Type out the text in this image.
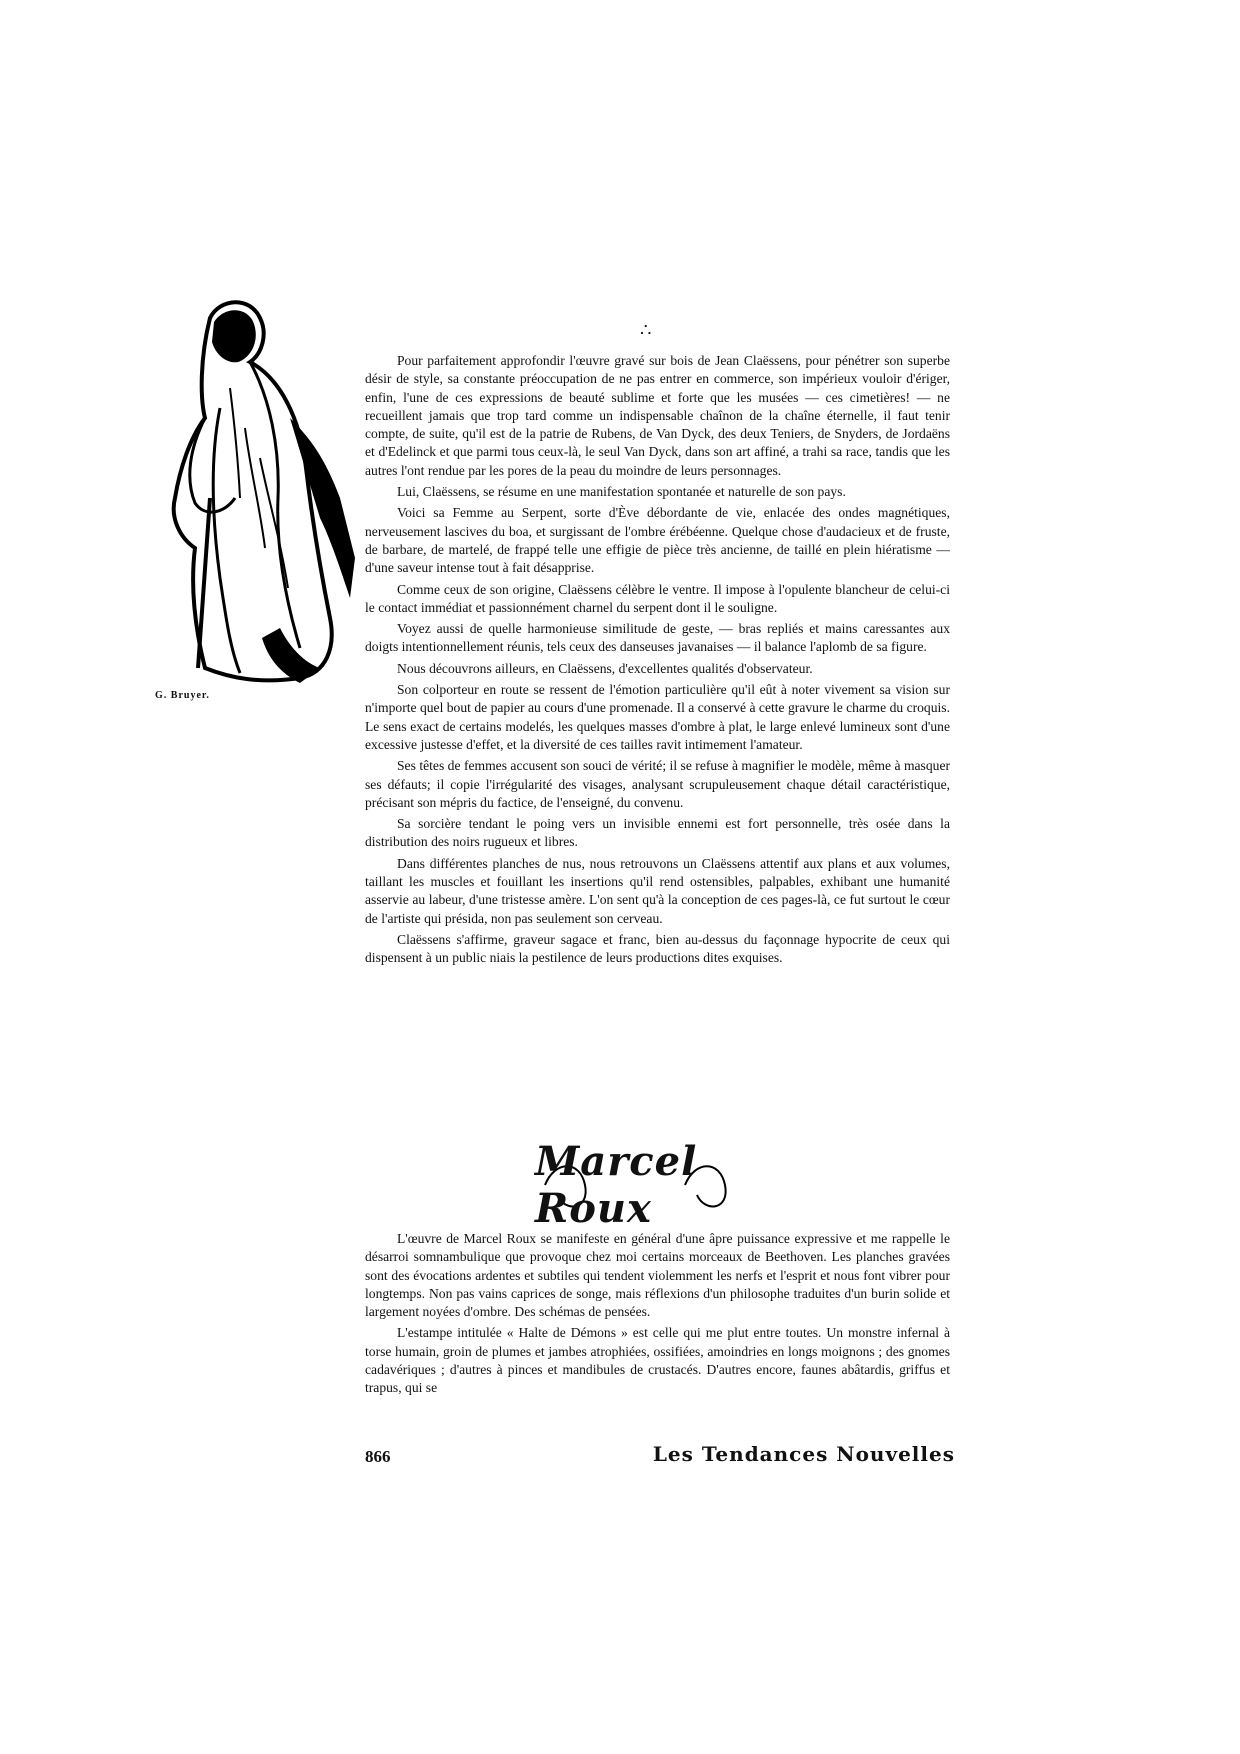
G. Bruyer.
∴

Pour parfaitement approfondir l'œuvre gravé sur bois de Jean Claëssens, pour pénétrer son superbe désir de style, sa constante préoccupation de ne pas entrer en commerce, son impérieux vouloir d'ériger, enfin, l'une de ces expressions de beauté sublime et forte que les musées — ces cimetières! — ne recueillent jamais que trop tard comme un indispensable chaînon de la chaîne éternelle, il faut tenir compte, de suite, qu'il est de la patrie de Rubens, de Van Dyck, des deux Teniers, de Snyders, de Jordaëns et d'Edelinck et que parmi tous ceux-là, le seul Van Dyck, dans son art affiné, a trahi sa race, tandis que les autres l'ont rendue par les pores de la peau du moindre de leurs personnages.

Lui, Claëssens, se résume en une manifestation spontanée et naturelle de son pays.

Voici sa Femme au Serpent, sorte d'Ève débordante de vie, enlacée des ondes magnétiques, nerveusement lascives du boa, et surgissant de l'ombre érébéenne. Quelque chose d'audacieux et de fruste, de barbare, de martelé, de frappé telle une effigie de pièce très ancienne, de taillé en plein hiératisme — d'une saveur intense tout à fait désapprise.

Comme ceux de son origine, Claëssens célèbre le ventre. Il impose à l'opulente blancheur de celui-ci le contact immédiat et passionnément charnel du serpent dont il le souligne.

Voyez aussi de quelle harmonieuse similitude de geste, — bras repliés et mains caressantes aux doigts intentionnellement réunis, tels ceux des danseuses javanaises — il balance l'aplomb de sa figure.

Nous découvrons ailleurs, en Claëssens, d'excellentes qualités d'observateur.

Son colporteur en route se ressent de l'émotion particulière qu'il eût à noter vivement sa vision sur n'importe quel bout de papier au cours d'une promenade. Il a conservé à cette gravure le charme du croquis. Le sens exact de certains modelés, les quelques masses d'ombre à plat, le large enlevé lumineux sont d'une excessive justesse d'effet, et la diversité de ces tailles ravit intimement l'amateur.

Ses têtes de femmes accusent son souci de vérité; il se refuse à magnifier le modèle, même à masquer ses défauts; il copie l'irrégularité des visages, analysant scrupuleusement chaque détail caractéristique, précisant son mépris du factice, de l'enseigné, du convenu.

Sa sorcière tendant le poing vers un invisible ennemi est fort personnelle, très osée dans la distribution des noirs rugueux et libres.

Dans différentes planches de nus, nous retrouvons un Claëssens attentif aux plans et aux volumes, taillant les muscles et fouillant les insertions qu'il rend ostensibles, palpables, exhibant une humanité asservie au labeur, d'une tristesse amère. L'on sent qu'à la conception de ces pages-là, ce fut surtout le cœur de l'artiste qui présida, non pas seulement son cerveau.

Claëssens s'affirme, graveur sagace et franc, bien au-dessus du façonnage hypocrite de ceux qui dispensent à un public niais la pestilence de leurs productions dites exquises.

Marcel Roux

L'œuvre de Marcel Roux se manifeste en général d'une âpre puissance expressive et me rappelle le désarroi somnambulique que provoque chez moi certains morceaux de Beethoven. Les planches gravées sont des évocations ardentes et subtiles qui tendent violemment les nerfs et l'esprit et nous font vibrer pour longtemps. Non pas vains caprices de songe, mais réflexions d'un philosophe traduites d'un burin solide et largement noyées d'ombre. Des schémas de pensées.

L'estampe intitulée « Halte de Démons » est celle qui me plut entre toutes. Un monstre infernal à torse humain, groin de plumes et jambes atrophiées, ossifiées, amoindries en longs moignons ; des gnomes cadavériques ; d'autres à pinces et mandibules de crustacés. D'autres encore, faunes abâtardis, griffus et trapus, qui se

866	Les Tendances Nouvelles
